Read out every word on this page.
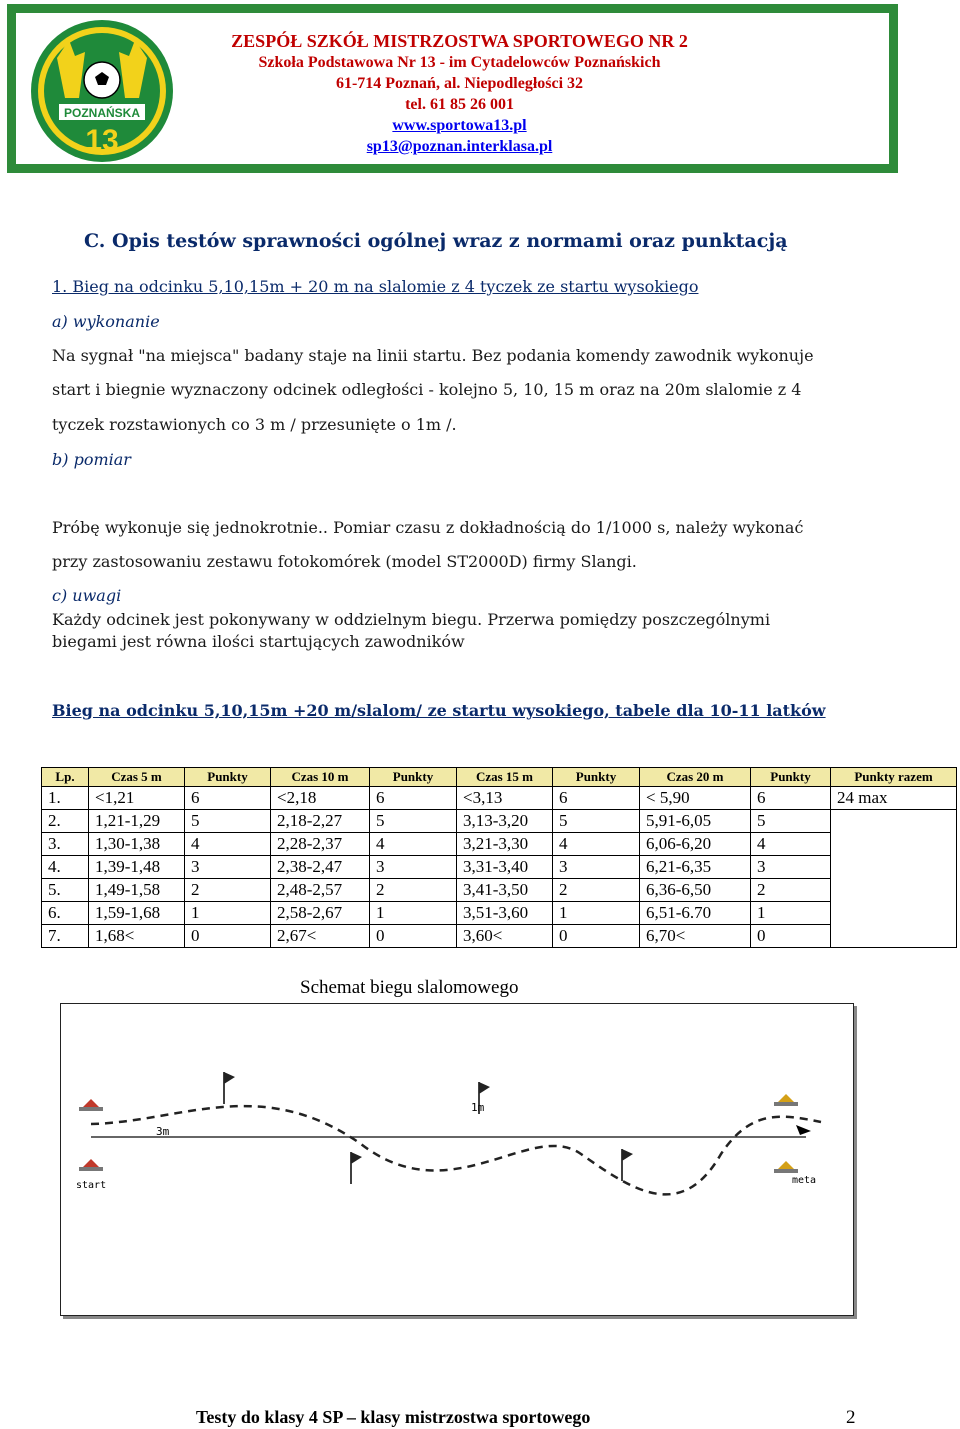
POZNAŃSKA
13
ZESPÓŁ SZKÓŁ MISTRZOSTWA SPORTOWEGO NR 2
Szkoła Podstawowa Nr 13 - im Cytadelowców Poznańskich
61-714 Poznań, al. Niepodległości 32
tel. 61 85 26 001
www.sportowa13.pl
sp13@poznan.interklasa.pl
C. Opis testów sprawności ogólnej wraz z normami oraz punktacją
1. Bieg na odcinku 5,10,15m + 20 m na slalomie z 4 tyczek ze startu wysokiego
a) wykonanie
Na sygnał "na miejsca" badany staje na linii startu. Bez podania komendy zawodnik wykonuje
start i biegnie wyznaczony odcinek odległości - kolejno 5, 10, 15 m oraz na 20m slalomie z 4
tyczek rozstawionych co 3 m / przesunięte o 1m /.
b) pomiar
Próbę wykonuje się jednokrotnie.. Pomiar czasu z dokładnością do 1/1000 s, należy wykonać
przy zastosowaniu zestawu fotokomórek (model ST2000D) firmy Slangi.
c) uwagi
Każdy odcinek jest pokonywany w oddzielnym biegu. Przerwa pomiędzy poszczególnymi
biegami jest równa ilości startujących zawodników
Bieg na odcinku 5,10,15m +20 m/slalom/ ze startu wysokiego, tabele dla 10-11 latków
Lp.	Czas 5 m	Punkty	Czas 10 m	Punkty	Czas 15 m	Punkty	Czas 20 m	Punkty	Punkty razem
1.	<1,21	6	<2,18	6	<3,13	6	< 5,90	6	24 max
2.	1,21-1,29	5	2,18-2,27	5	3,13-3,20	5	5,91-6,05	5	
3.	1,30-1,38	4	2,28-2,37	4	3,21-3,30	4	6,06-6,20	4	
4.	1,39-1,48	3	2,38-2,47	3	3,31-3,40	3	6,21-6,35	3	
5.	1,49-1,58	2	2,48-2,57	2	3,41-3,50	2	6,36-6,50	2	
6.	1,59-1,68	1	2,58-2,67	1	3,51-3,60	1	6,51-6.70	1	
7.	1,68<	0	2,67<	0	3,60<	0	6,70<	0	
Schemat biegu slalomowego
3m
1m
start	meta
Testy do klasy 4 SP – klasy mistrzostwa sportowego	2
